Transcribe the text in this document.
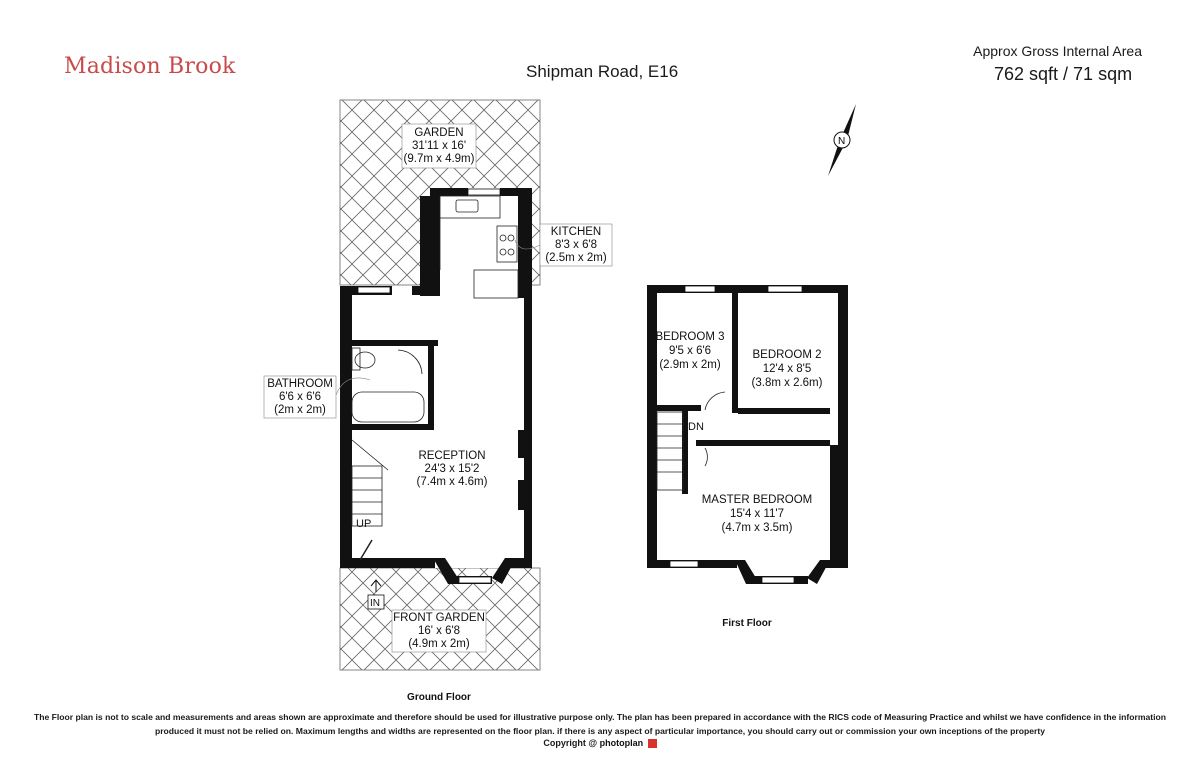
Madison Brook	Shipman Road, E16
Approx Gross Internal Area
762 sqft / 71 sqm
N
IN
UP
GARDEN
31'11 x 16'
(9.7m x 4.9m)
KITCHEN
8'3 x 6'8
(2.5m x 2m)
BATHROOM
6'6 x 6'6
(2m x 2m)
RECEPTION
24'3 x 15'2
(7.4m x 4.6m)
FRONT GARDEN
16' x 6'8
(4.9m x 2m)
Ground Floor
DN
BEDROOM 3
9'5 x 6'6
(2.9m x 2m)
BEDROOM 2
12'4 x 8'5
(3.8m x 2.6m)
MASTER BEDROOM
15'4 x 11'7
(4.7m x 3.5m)
First Floor
The Floor plan is not to scale and measurements and areas shown are approximate and therefore should be used for illustrative purpose only. The plan has been prepared in accordance with the RICS code of Measuring Practice and whilst we have confidence in the information produced it must not be relied on. Maximum lengths and widths are represented on the floor plan. if there is any aspect of particular importance, you should carry out or commission your own inceptions of the property
Copyright @ photoplan
